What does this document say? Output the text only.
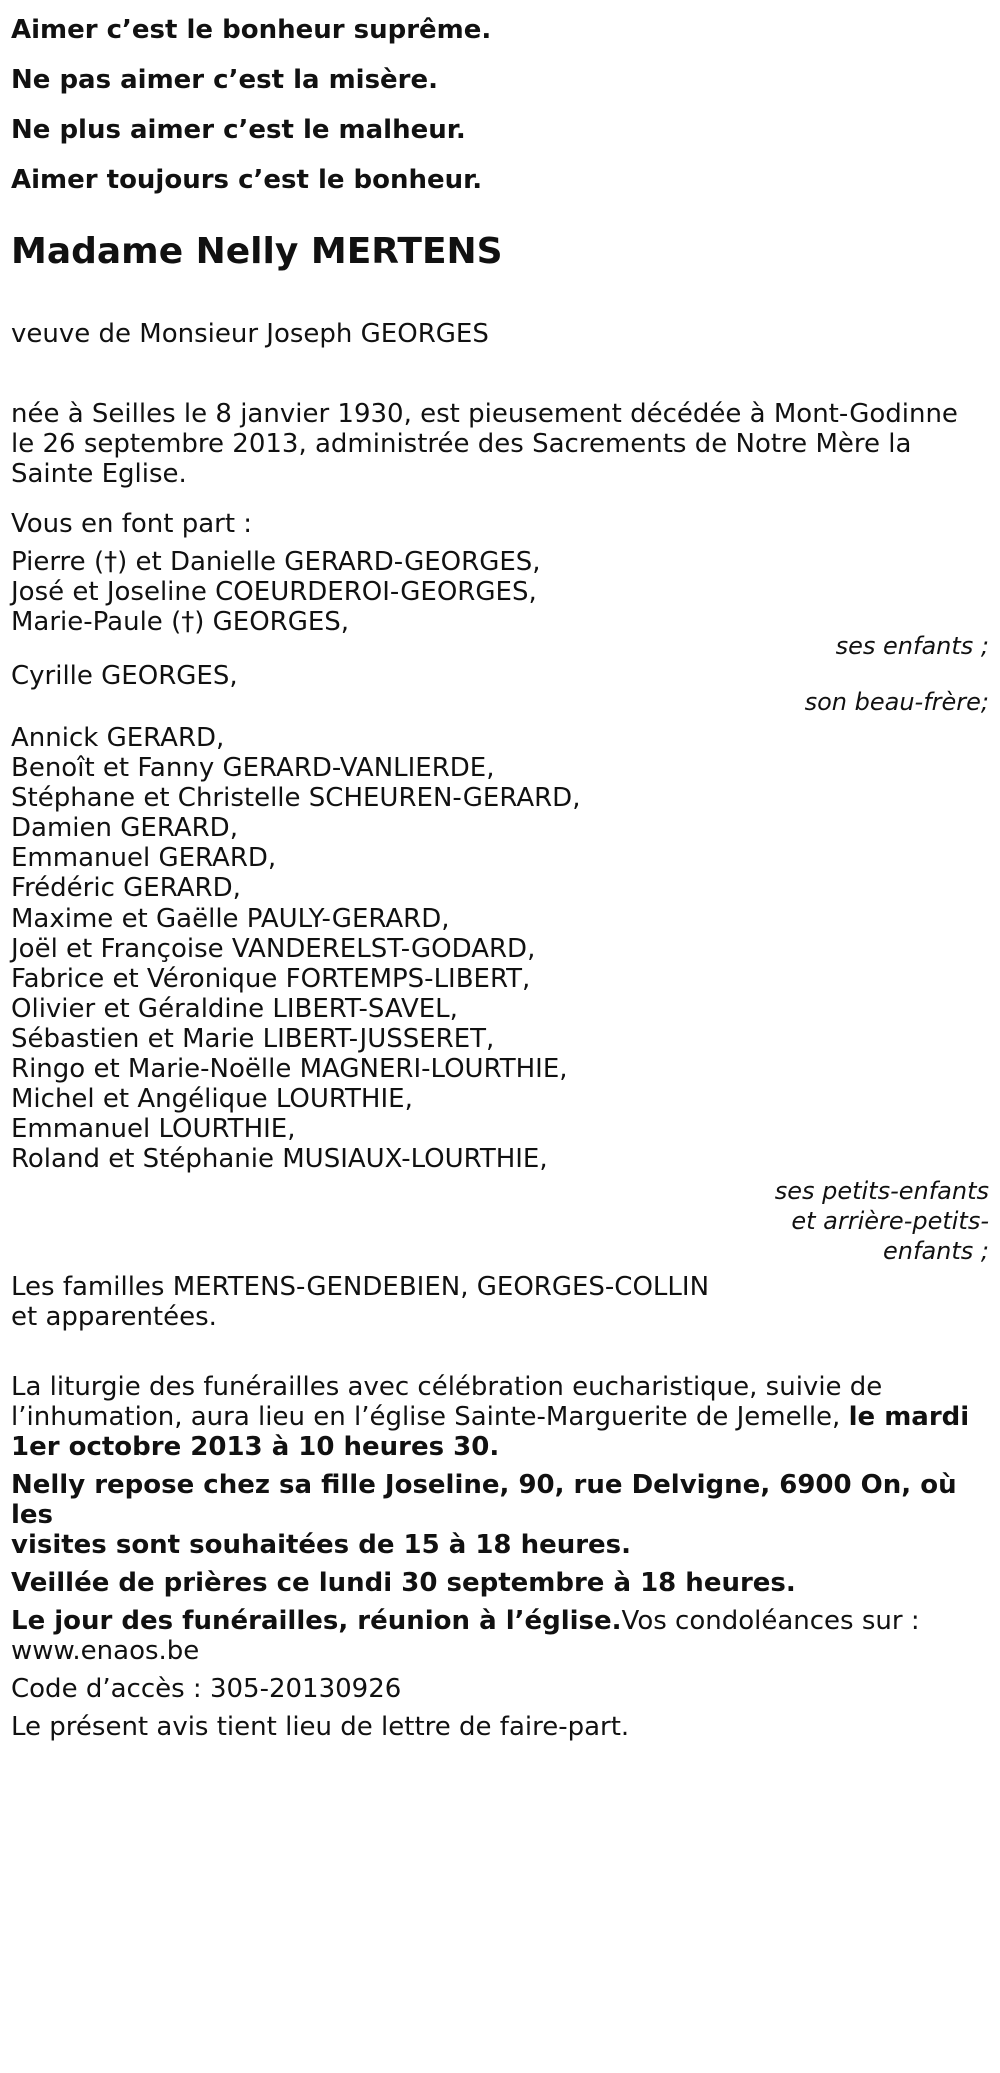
Aimer c’est le bonheur suprême.
Ne pas aimer c’est la misère.
Ne plus aimer c’est le malheur.
Aimer toujours c’est le bonheur.
Madame Nelly MERTENS
veuve de Monsieur Joseph GEORGES
née à Seilles le 8 janvier 1930, est pieusement décédée à Mont-Godinne
le 26 septembre 2013, administrée des Sacrements de Notre Mère la
Sainte Eglise.
Vous en font part :
Pierre (†) et Danielle GERARD-GEORGES,
José et Joseline COEURDEROI-GEORGES,
Marie-Paule (†) GEORGES,
ses enfants ;
Cyrille GEORGES,
son beau-frère;
Annick GERARD,
Benoît et Fanny GERARD-VANLIERDE,
Stéphane et Christelle SCHEUREN-GERARD,
Damien GERARD,
Emmanuel GERARD,
Frédéric GERARD,
Maxime et Gaëlle PAULY-GERARD,
Joël et Françoise VANDERELST-GODARD,
Fabrice et Véronique FORTEMPS-LIBERT,
Olivier et Géraldine LIBERT-SAVEL,
Sébastien et Marie LIBERT-JUSSERET,
Ringo et Marie-Noëlle MAGNERI-LOURTHIE,
Michel et Angélique LOURTHIE,
Emmanuel LOURTHIE,
Roland et Stéphanie MUSIAUX-LOURTHIE,
ses petits-enfants
et arrière-petits-
enfants ;
Les familles MERTENS-GENDEBIEN, GEORGES-COLLIN
et apparentées.
La liturgie des funérailles avec célébration eucharistique, suivie de
l’inhumation, aura lieu en l’église Sainte-Marguerite de Jemelle, le mardi
1er octobre 2013 à 10 heures 30.
Nelly repose chez sa fille Joseline, 90, rue Delvigne, 6900 On, où les
visites sont souhaitées de 15 à 18 heures.
Veillée de prières ce lundi 30 septembre à 18 heures.
Le jour des funérailles, réunion à l’église.Vos condoléances sur :
www.enaos.be
Code d’accès : 305-20130926
Le présent avis tient lieu de lettre de faire-part.
